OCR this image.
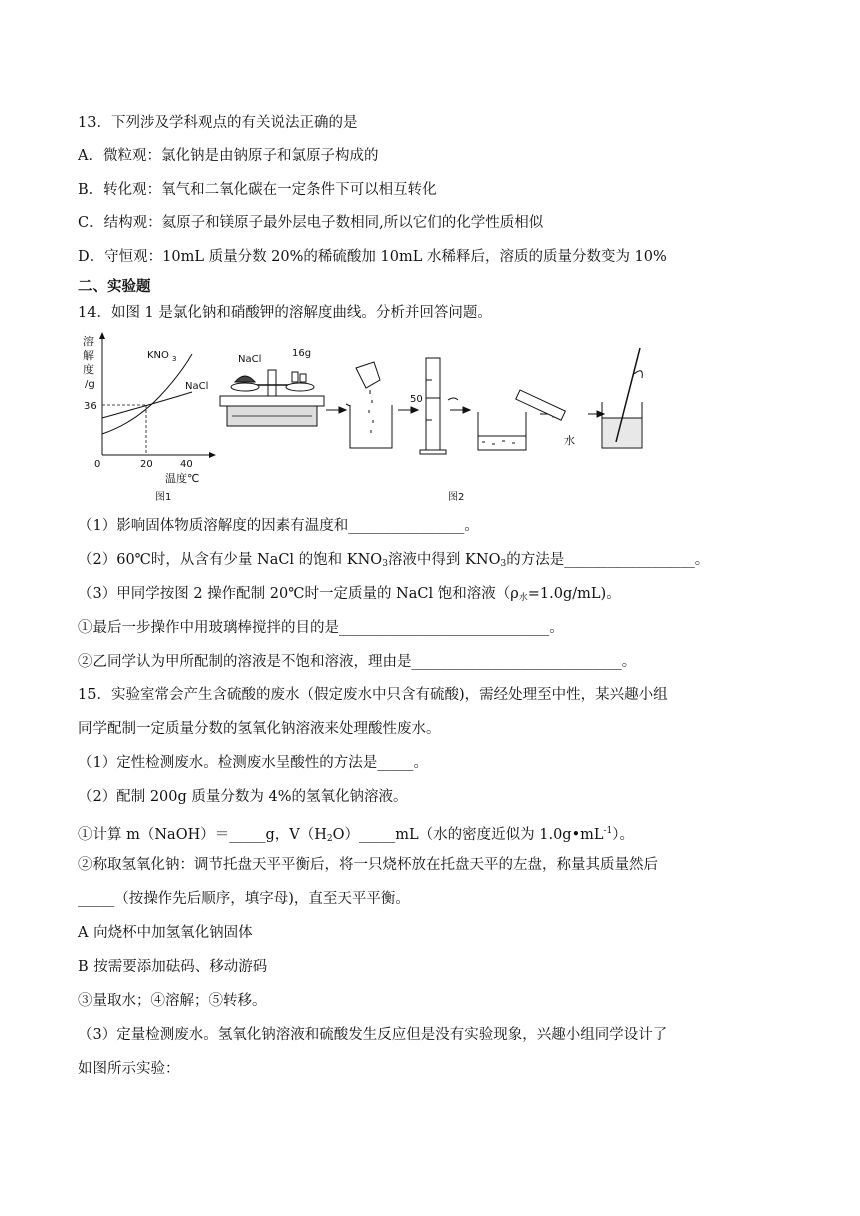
13．下列涉及学科观点的有关说法正确的是
A．微粒观：氯化钠是由钠原子和氯原子构成的
B．转化观：氧气和二氧化碳在一定条件下可以相互转化
C．结构观：氦原子和镁原子最外层电子数相同,所以它们的化学性质相似
D．守恒观：10mL 质量分数 20%的稀硫酸加 10mL 水稀释后，溶质的质量分数变为 10%
二、实验题
14．如图 1 是氯化钠和硝酸钾的溶解度曲线。分析并回答问题。
溶
解
度
/g
36
0	20	40
KNO 3
NaCl
温度℃
图1
NaCl
16g
50
水
图2
（1）影响固体物质溶解度的因素有温度和________________。
（2）60℃时，从含有少量 NaCl 的饱和 $KNO_3$溶液中得到 $KNO_3$的方法是__________________。
（3）甲同学按图 2 操作配制 20℃时一定质量的 NaCl 饱和溶液$(\rho_水=1.0g/mL)$。
①最后一步操作中用玻璃棒搅拌的目的是_____________________________。
②乙同学认为甲所配制的溶液是不饱和溶液，理由是_____________________________。
15．实验室常会产生含硫酸的废水（假定废水中只含有硫酸)，需经处理至中性，某兴趣小组
同学配制一定质量分数的氢氧化钠溶液来处理酸性废水。
（1）定性检测废水。检测废水呈酸性的方法是_____。
（2）配制 200g 质量分数为 4%的氢氧化钠溶液。
①计算 m（NaOH）＝_____g，$V(H_2O)\_\_\_\_\_mL$（水的密度近似为 $1.0g•mL^{-1}$）。
②称取氢氧化钠：调节托盘天平平衡后，将一只烧杯放在托盘天平的左盘，称量其质量然后
_____（按操作先后顺序，填字母)，直至天平平衡。
A 向烧杯中加氢氧化钠固体
B 按需要添加砝码、移动游码
③量取水；④溶解；⑤转移。
（3）定量检测废水。氢氧化钠溶液和硫酸发生反应但是没有实验现象，兴趣小组同学设计了
如图所示实验：
